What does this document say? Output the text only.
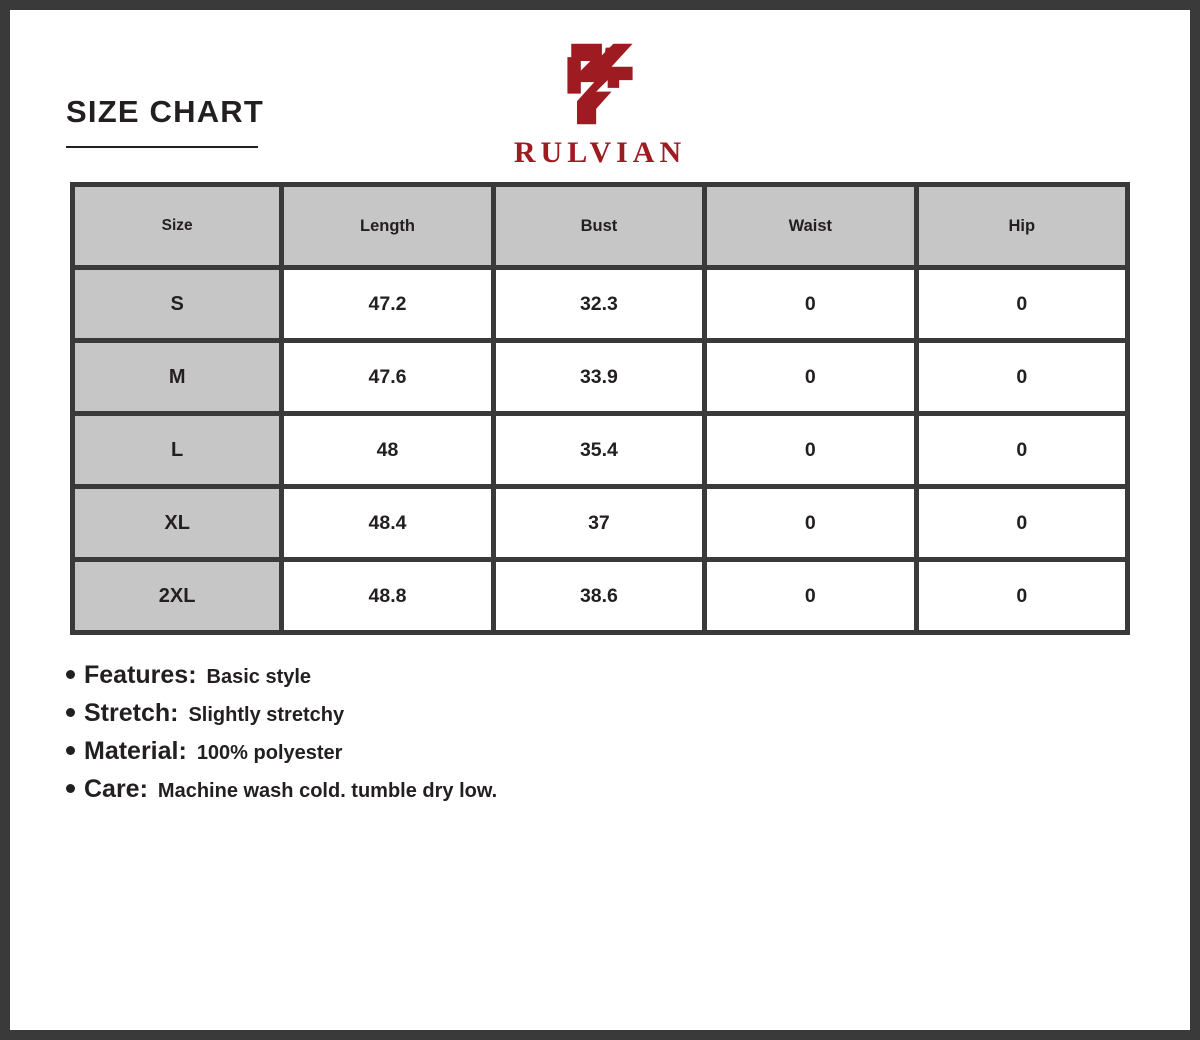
SIZE CHART
RULVIAN
Size	Length	Bust	Waist	Hip
S	47.2	32.3	0	0
M	47.6	33.9	0	0
L	48	35.4	0	0
XL	48.4	37	0	0
2XL	48.8	38.6	0	0
Features: Basic style
Stretch: Slightly stretchy
Material: 100% polyester
Care: Machine wash cold. tumble dry low.
